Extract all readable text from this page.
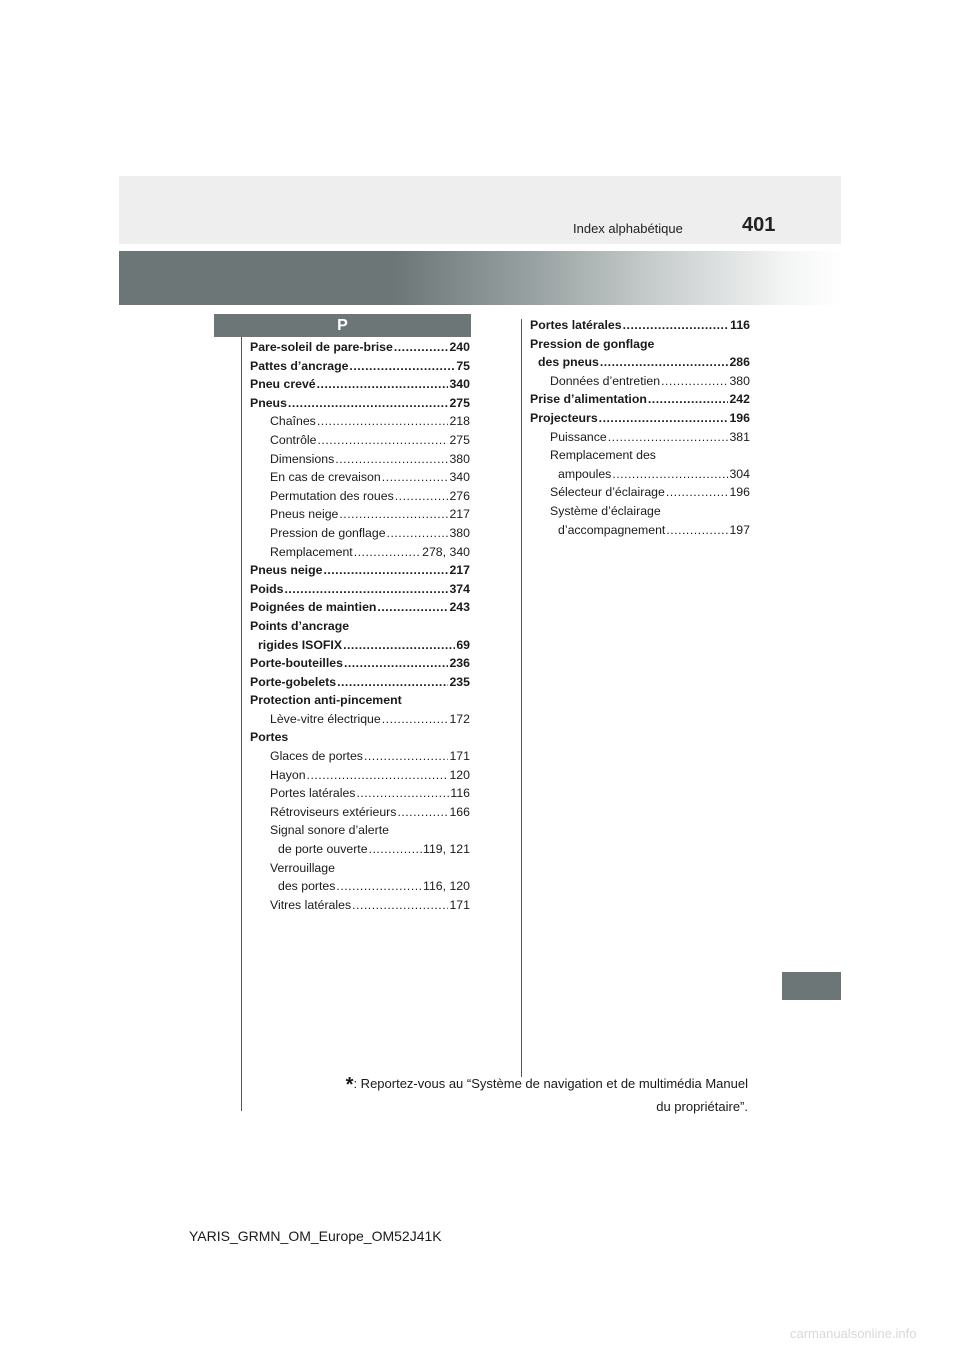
Index alphabétique	401
P
Pare-soleil de pare-brise .....	240
Pattes d’ancrage .....	75
Pneu crevé .....	340
Pneus .....	275
Chaînes .....	218
Contrôle .....	275
Dimensions .....	380
En cas de crevaison .....	340
Permutation des roues .....	276
Pneus neige .....	217
Pression de gonflage .....	380
Remplacement .....	278, 340
Pneus neige .....	217
Poids .....	374
Poignées de maintien .....	243
Points d’ancrage
rigides ISOFIX .....	69
Porte-bouteilles .....	236
Porte-gobelets .....	235
Protection anti-pincement
Lève-vitre électrique .....	172
Portes
Glaces de portes .....	171
Hayon .....	120
Portes latérales .....	116
Rétroviseurs extérieurs .....	166
Signal sonore d’alerte
de porte ouverte .....	119, 121
Verrouillage
des portes .....	116, 120
Vitres latérales .....	171
Portes latérales .....	116
Pression de gonflage
des pneus .....	286
Données d’entretien .....	380
Prise d’alimentation .....	242
Projecteurs .....	196
Puissance .....	381
Remplacement des
ampoules .....	304
Sélecteur d’éclairage .....	196
Système d’éclairage
d’accompagnement .....	197
*: Reportez-vous au “Système de navigation et de multimédia Manuel
du propriétaire”.
YARIS_GRMN_OM_Europe_OM52J41K
carmanualsonline.info
